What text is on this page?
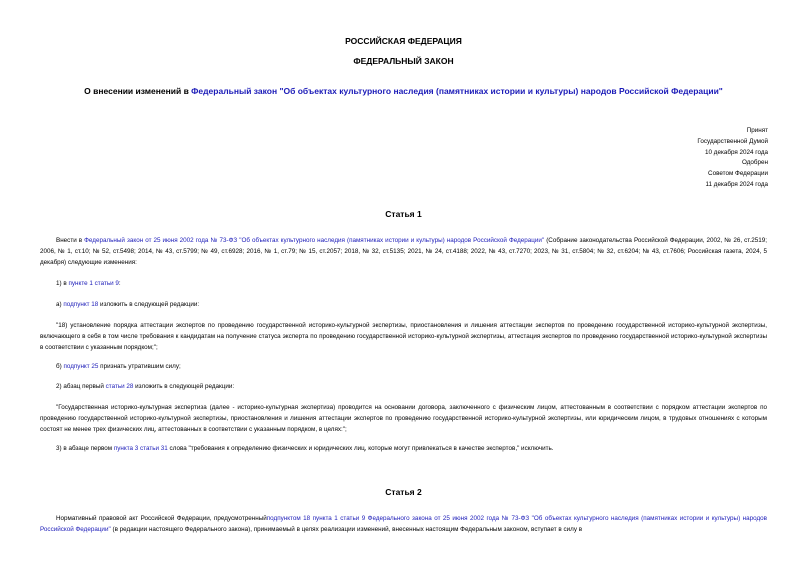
РОССИЙСКАЯ ФЕДЕРАЦИЯ
ФЕДЕРАЛЬНЫЙ ЗАКОН
О внесении изменений в Федеральный закон "Об объектах культурного наследия (памятниках истории и культуры) народов Российской Федерации"
Принят
Государственной Думой
10 декабря 2024 года
Одобрен
Советом Федерации
11 декабря 2024 года
Статья 1
Внести в Федеральный закон от 25 июня 2002 года № 73-ФЗ "Об объектах культурного наследия (памятниках истории и культуры) народов Российской Федерации" (Собрание законодательства Российской Федерации, 2002, № 26, ст.2519; 2006, № 1, ст.10; № 52, ст.5498; 2014, № 43, ст.5799; № 49, ст.6928; 2016, № 1, ст.79; № 15, ст.2057; 2018, № 32, ст.5135; 2021, № 24, ст.4188; 2022, № 43, ст.7270; 2023, № 31, ст.5804; № 32, ст.6204; № 43, ст.7606; Российская газета, 2024, 5 декабря) следующие изменения:
1) в пункте 1 статьи 9:
а) подпункт 18 изложить в следующей редакции:
"18) установление порядка аттестации экспертов по проведению государственной историко-культурной экспертизы, приостановления и лишения аттестации экспертов по проведению государственной историко-культурной экспертизы, включающего в себя в том числе требования к кандидатам на получение статуса эксперта по проведению государственной историко-культурной экспертизы, аттестация экспертов по проведению государственной историко-культурной экспертизы в соответствии с указанным порядком;";
б) подпункт 25 признать утратившим силу;
2) абзац первый статьи 28 изложить в следующей редакции:
"Государственная историко-культурная экспертиза (далее - историко-культурная экспертиза) проводится на основании договора, заключенного с физическим лицом, аттестованным в соответствии с порядком аттестации экспертов по проведению государственной историко-культурной экспертизы, приостановления и лишения аттестации экспертов по проведению государственной историко-культурной экспертизы, или юридическим лицом, в трудовых отношениях с которым состоят не менее трех физических лиц, аттестованных в соответствии с указанным порядком, в целях:";
3) в абзаце первом пункта 3 статьи 31 слова "требования к определению физических и юридических лиц, которые могут привлекаться в качестве экспертов," исключить.
Статья 2
Нормативный правовой акт Российской Федерации, предусмотренныйподпунктом 18 пункта 1 статьи 9 Федерального закона от 25 июня 2002 года № 73-ФЗ "Об объектах культурного наследия (памятниках истории и культуры) народов Российской Федерации" (в редакции настоящего Федерального закона), принимаемый в целях реализации изменений, внесенных настоящим Федеральным законом, вступает в силу в
